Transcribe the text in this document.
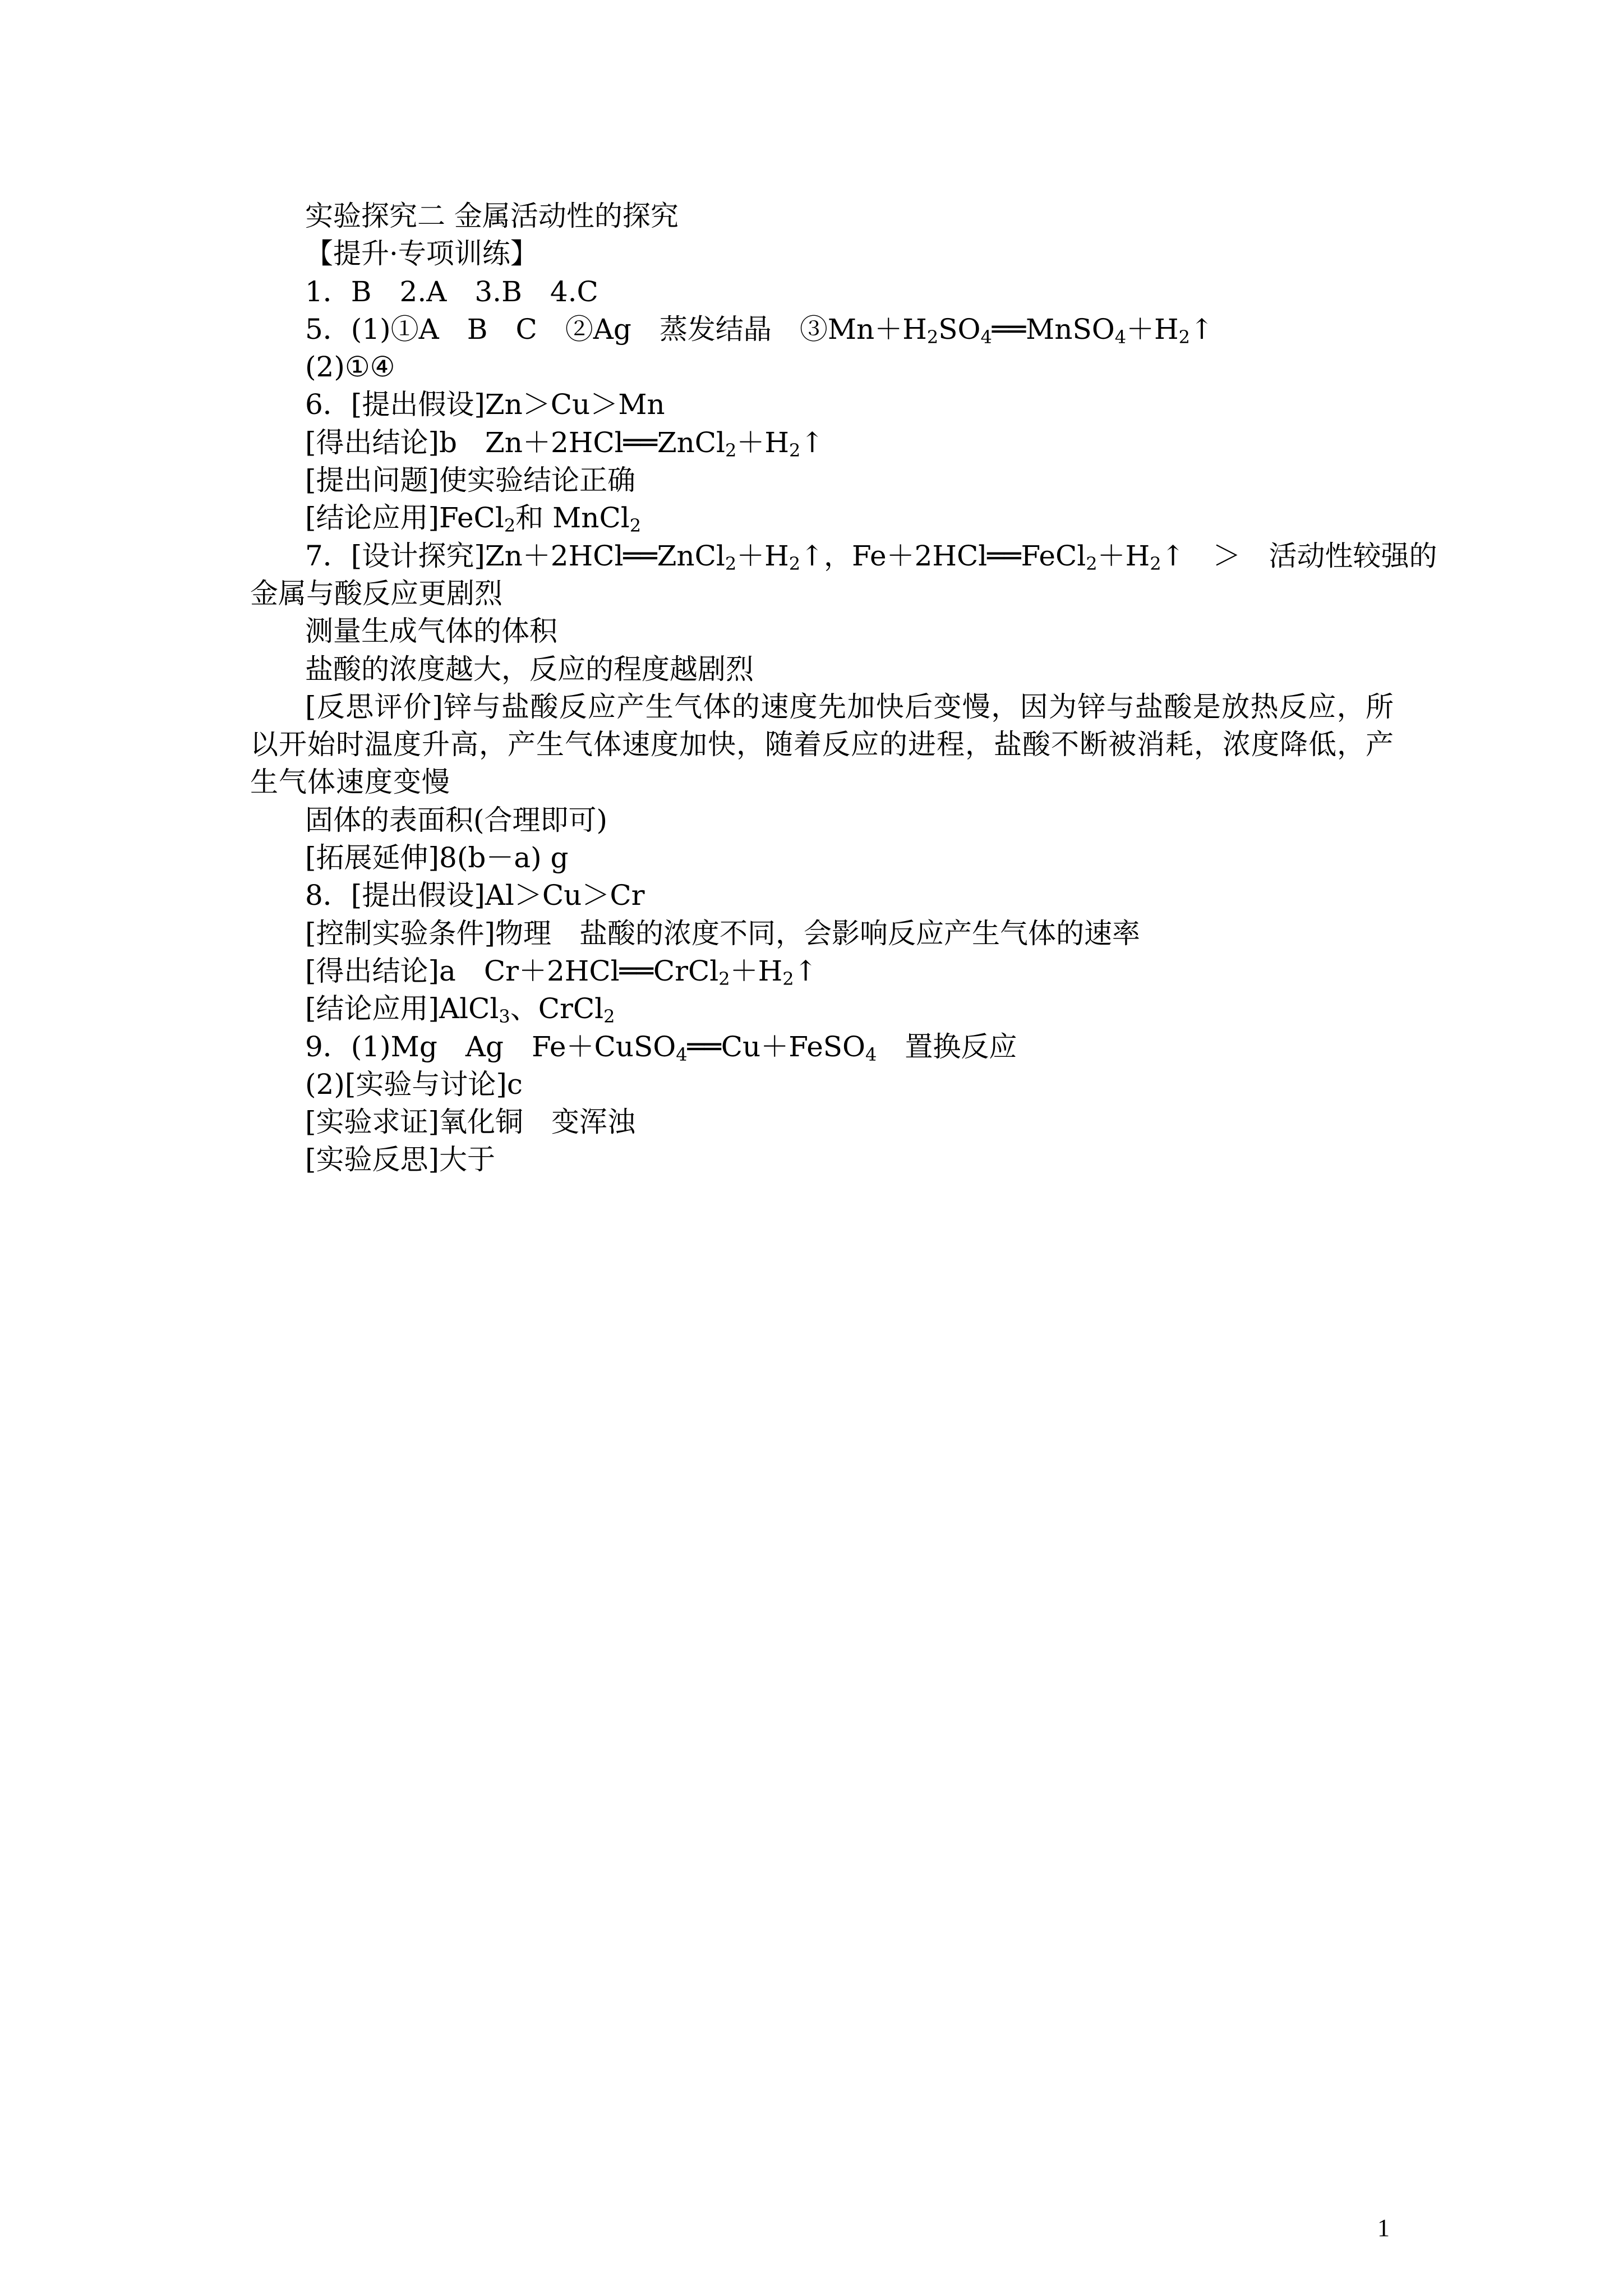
实验探究二 金属活动性的探究

【提升·专项训练】

1．B　2.A　3.B　4.C

5．(1)①A　B　C　②Ag　蒸发结晶　$③Mn+H_2SO_4══MnSO_4+H_2↑$

(2)①④

6．[提出假设]Zn＞Cu＞Mn

[得出结论]b　$Zn+2HCl══ZnCl_2+H_2↑$

[提出问题]使实验结论正确

[结论应用]FeCl$_2$和 MnCl$_2$

7．[设计探究]$Zn+2HCl══ZnCl_2+H_2↑$，$Fe+2HCl══FeCl_2+H_2↑$　＞　活动性较强的

金属与酸反应更剧烈

测量生成气体的体积

盐酸的浓度越大，反应的程度越剧烈

[反思评价]锌与盐酸反应产生气体的速度先加快后变慢，因为锌与盐酸是放热反应，所以开始时温度升高，产生气体速度加快，随着反应的进程，盐酸不断被消耗，浓度降低，产生气体速度变慢

固体的表面积(合理即可)

[拓展延伸]8(b－a) g

8．[提出假设]Al＞Cu＞Cr

[控制实验条件]物理　盐酸的浓度不同，会影响反应产生气体的速率

[得出结论]a　$Cr+2HCl══CrCl_2+H_2↑$

[结论应用]AlCl$_3$、CrCl$_2$

9．(1)Mg　Ag　Fe＋CuSO$_4$══Cu＋FeSO$_4$　置换反应

(2)[实验与讨论]c

[实验求证]氧化铜　变浑浊

[实验反思]大于

1
